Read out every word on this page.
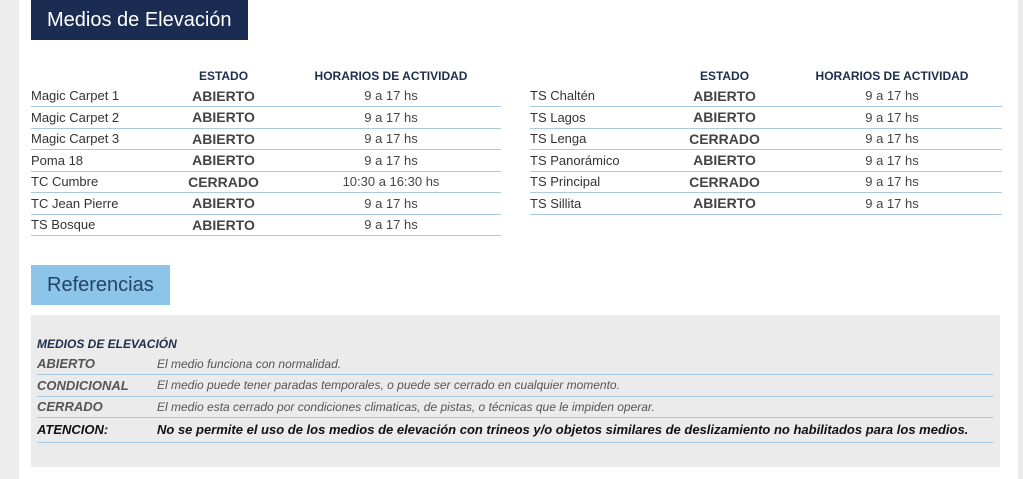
Medios de Elevación
	ESTADO	HORARIOS DE ACTIVIDAD
Magic Carpet 1	ABIERTO	9 a 17 hs
Magic Carpet 2	ABIERTO	9 a 17 hs
Magic Carpet 3	ABIERTO	9 a 17 hs
Poma 18	ABIERTO	9 a 17 hs
TC Cumbre	CERRADO	10:30 a 16:30 hs
TC Jean Pierre	ABIERTO	9 a 17 hs
TS Bosque	ABIERTO	9 a 17 hs
	ESTADO	HORARIOS DE ACTIVIDAD
TS Chaltén	ABIERTO	9 a 17 hs
TS Lagos	ABIERTO	9 a 17 hs
TS Lenga	CERRADO	9 a 17 hs
TS Panorámico	ABIERTO	9 a 17 hs
TS Principal	CERRADO	9 a 17 hs
TS Sillita	ABIERTO	9 a 17 hs
Referencias
MEDIOS DE ELEVACIÓN
ABIERTO	El medio funciona con normalidad.
CONDICIONAL	El medio puede tener paradas temporales, o puede ser cerrado en cualquier momento.
CERRADO	El medio esta cerrado por condiciones climaticas, de pistas, o técnicas que le impiden operar.
ATENCION:	No se permite el uso de los medios de elevación con trineos y/o objetos similares de deslizamiento no habilitados para los medios.
